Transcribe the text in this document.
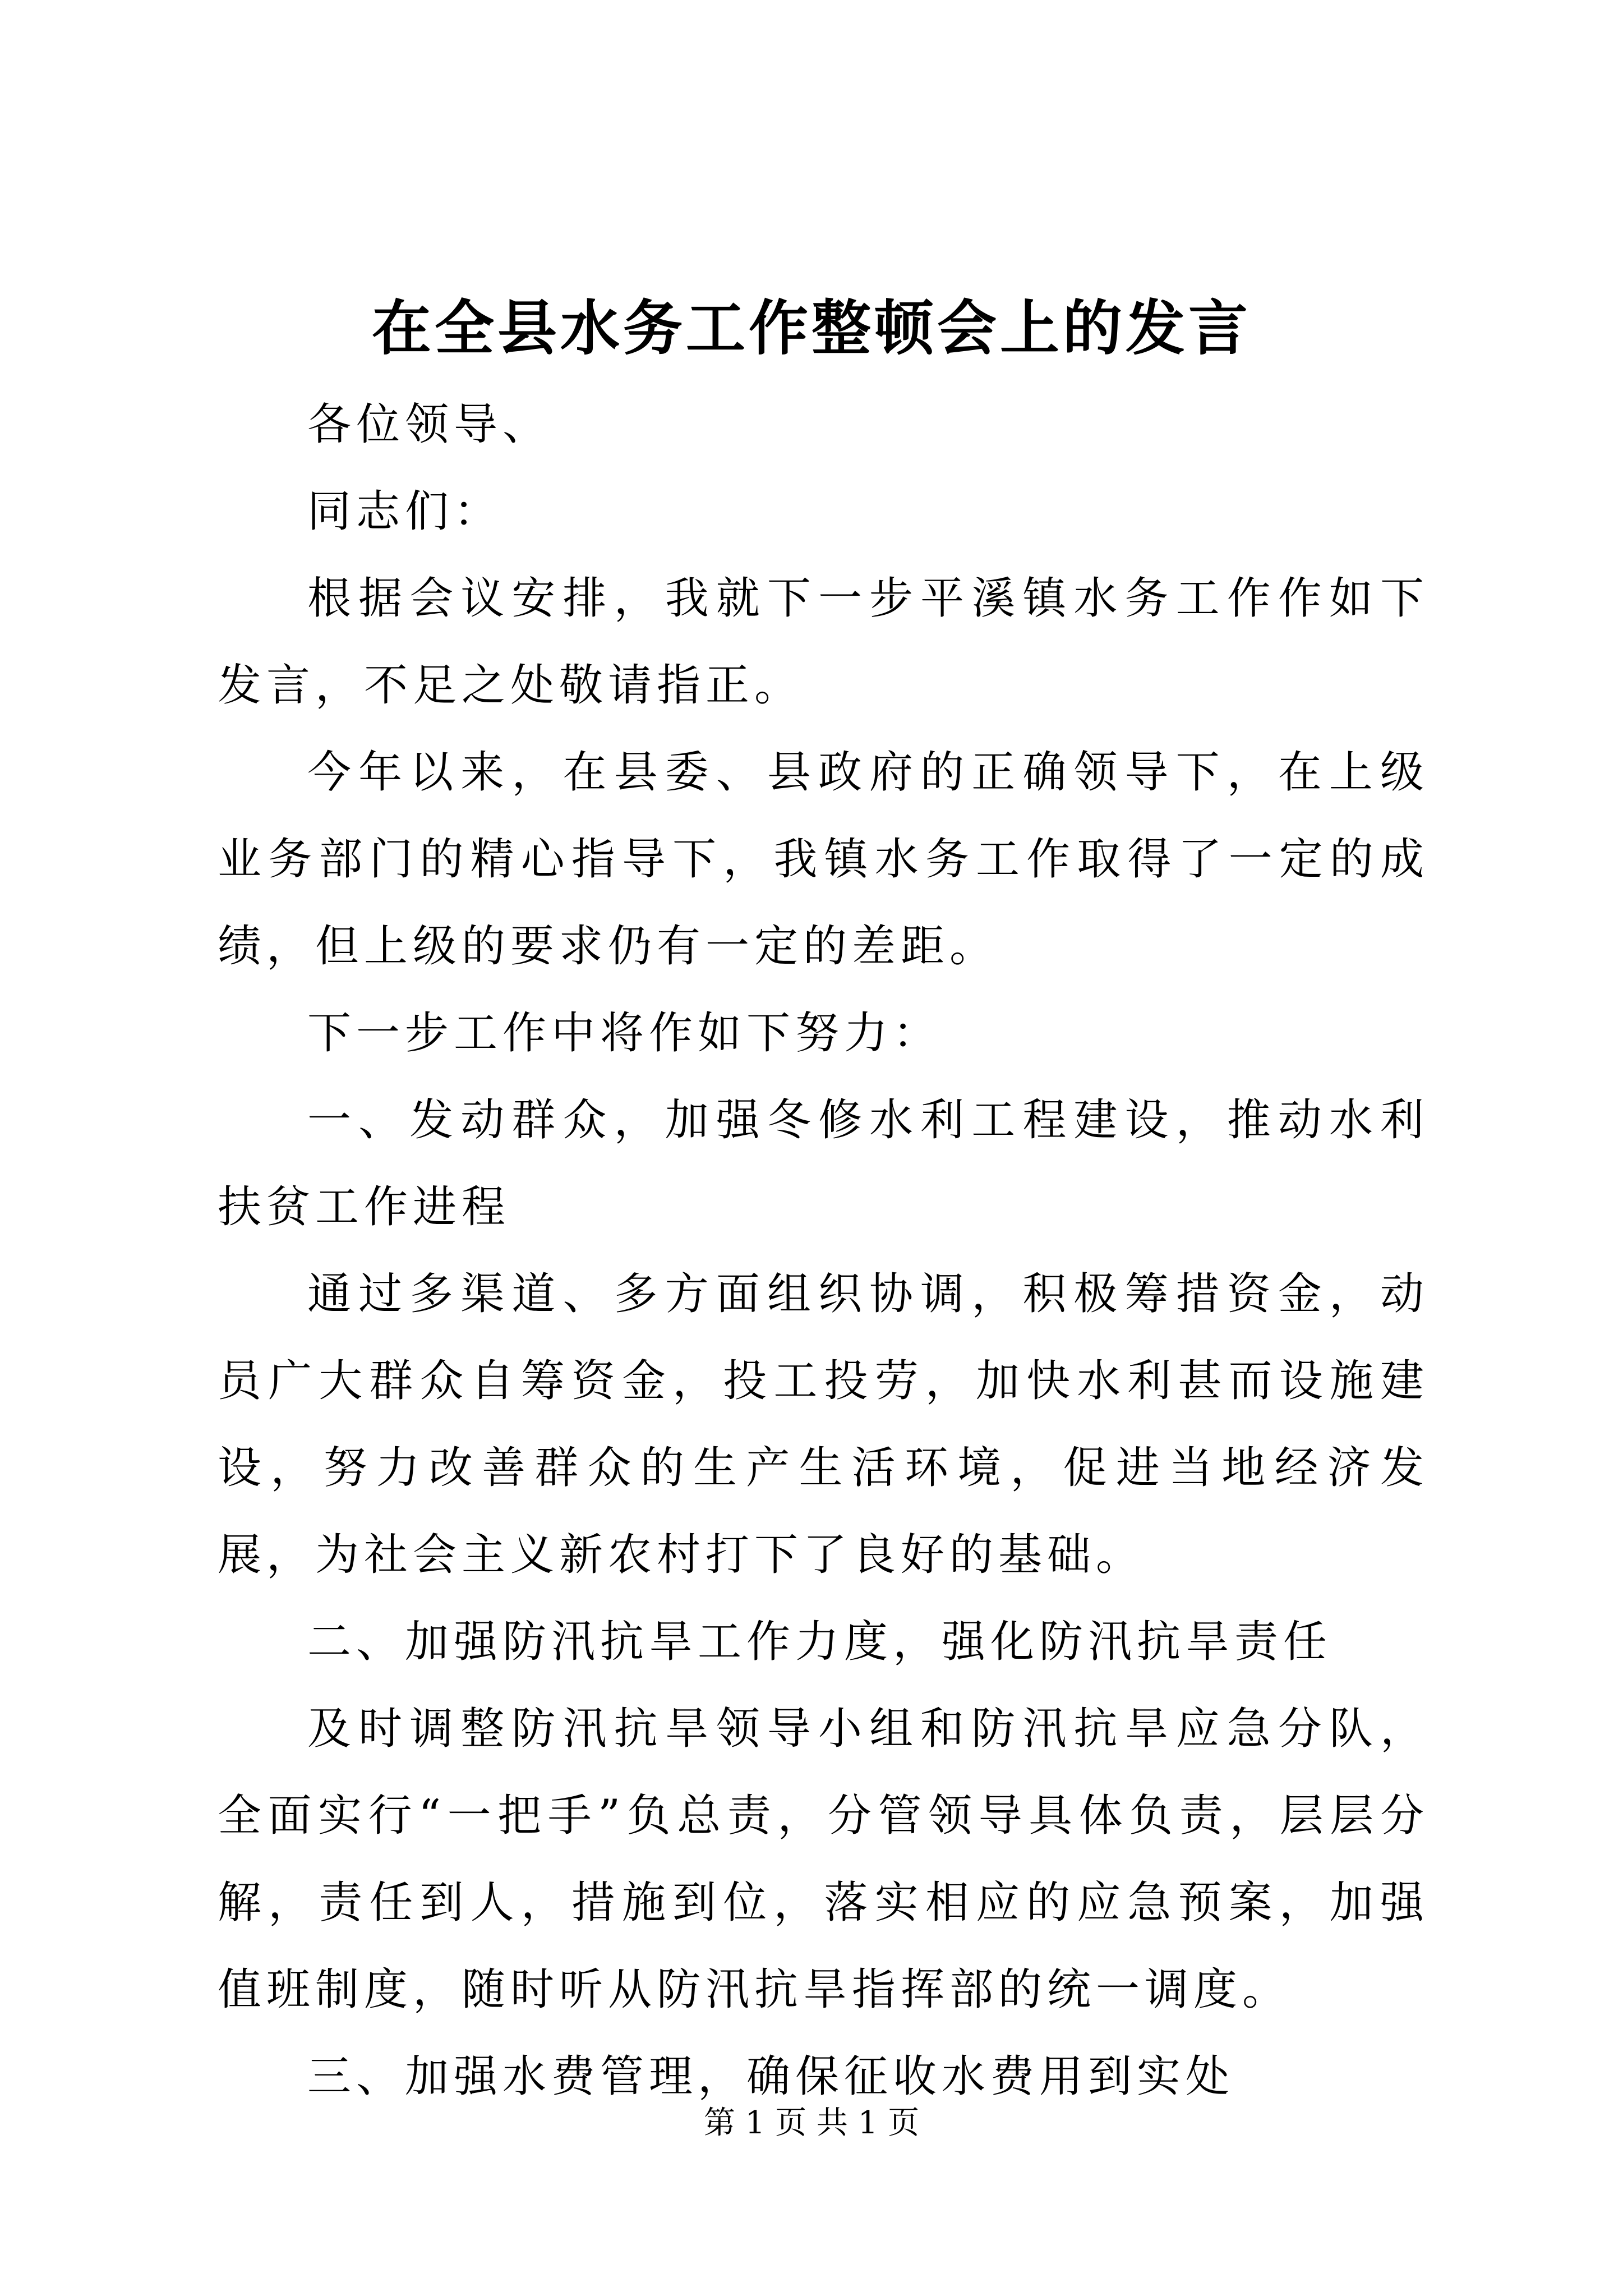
在全县水务工作整顿会上的发言

各位领导、

同志们：

根据会议安排，我就下一步平溪镇水务工作作如下发言，不足之处敬请指正。

今年以来，在县委、县政府的正确领导下，在上级业务部门的精心指导下，我镇水务工作取得了一定的成绩，但上级的要求仍有一定的差距。

下一步工作中将作如下努力：

一、发动群众，加强冬修水利工程建设，推动水利扶贫工作进程

通过多渠道、多方面组织协调，积极筹措资金，动员广大群众自筹资金，投工投劳，加快水利甚而设施建设，努力改善群众的生产生活环境，促进当地经济发展，为社会主义新农村打下了良好的基础。

二、加强防汛抗旱工作力度，强化防汛抗旱责任

及时调整防汛抗旱领导小组和防汛抗旱应急分队，全面实行“一把手”负总责，分管领导具体负责，层层分解，责任到人，措施到位，落实相应的应急预案，加强值班制度，随时听从防汛抗旱指挥部的统一调度。

三、加强水费管理，确保征收水费用到实处

第 1 页 共 1 页
